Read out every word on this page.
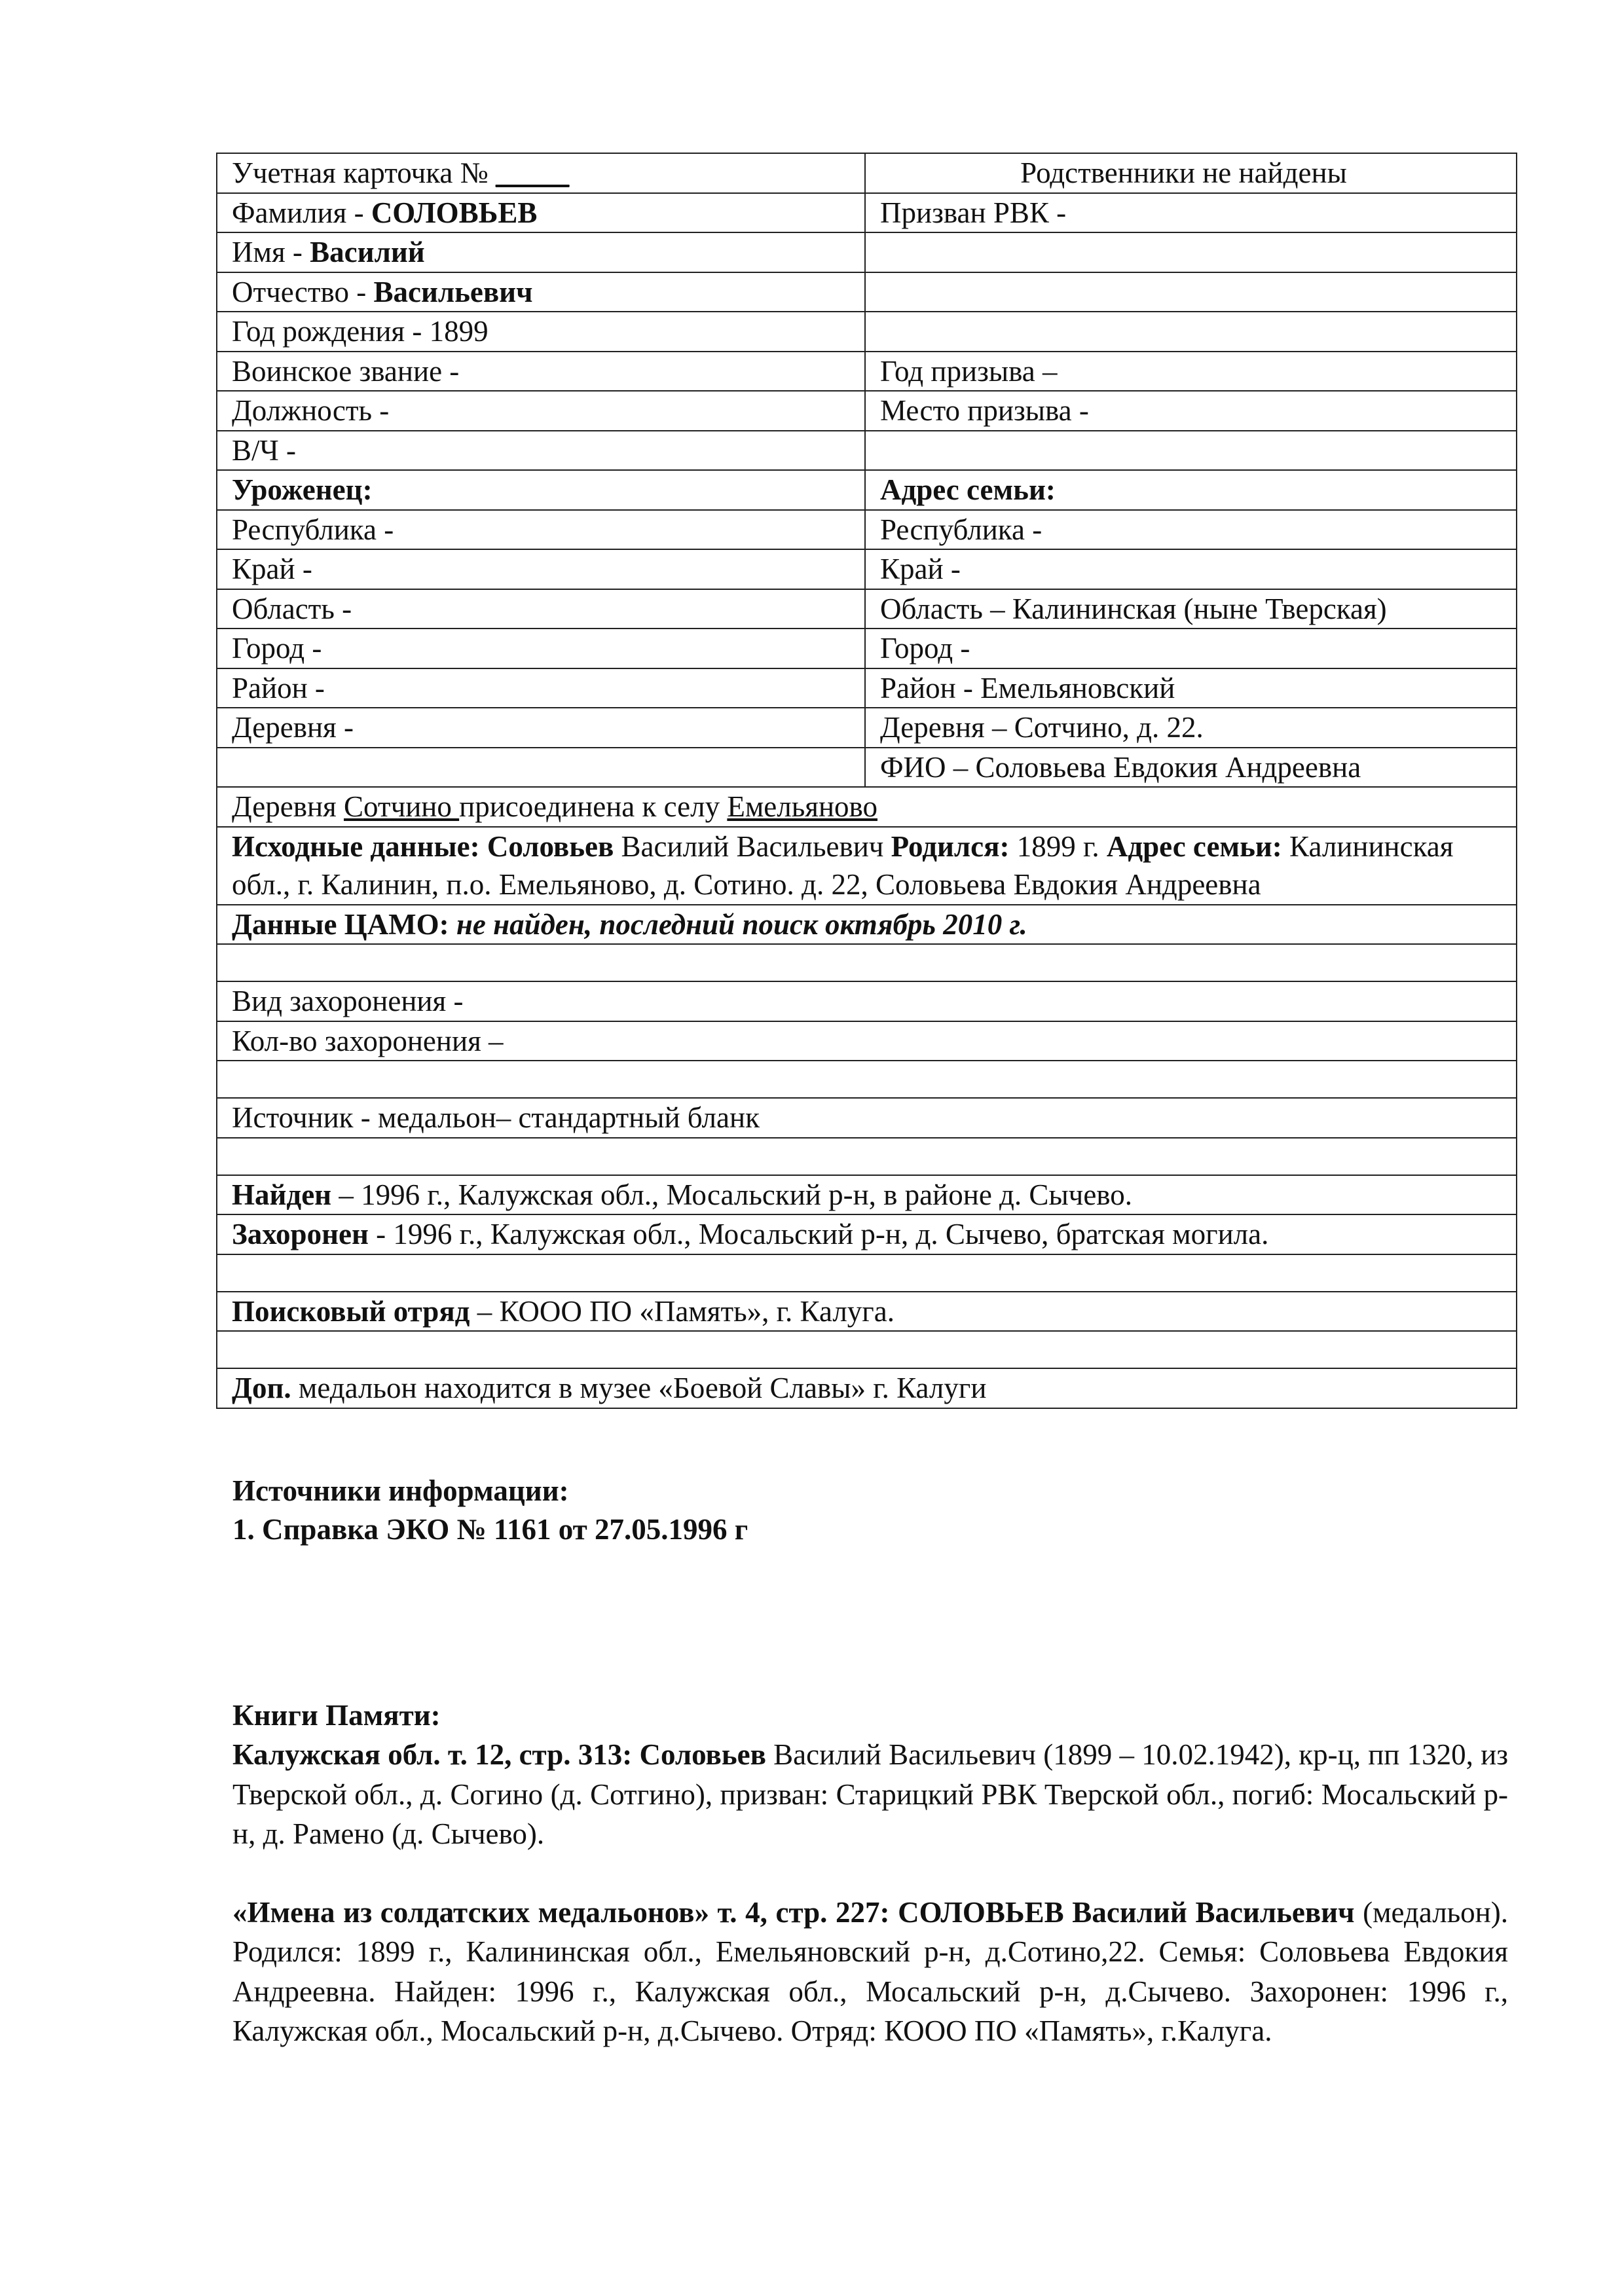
Учетная карточка № _____	Родственники не найдены
Фамилия - СОЛОВЬЕВ	Призван РВК -
Имя - Василий	
Отчество - Васильевич	
Год рождения - 1899	
Воинское звание -	Год призыва –
Должность -	Место призыва -
В/Ч -	
Уроженец:	Адрес семьи:
Республика -	Республика -
Край -	Край -
Область -	Область – Калининская (ныне Тверская)
Город -	Город -
Район -	Район - Емельяновский
Деревня -	Деревня – Сотчино, д. 22.
	ФИО – Соловьева Евдокия Андреевна
Деревня Сотчино присоединена к селу Емельяново	
Исходные данные: Соловьев Василий Васильевич Родился: 1899 г. Адрес семьи: Калининская обл., г. Калинин, п.о. Емельяново, д. Сотино. д. 22, Соловьева Евдокия Андреевна	
Данные ЦАМО: не найден, последний поиск октябрь 2010 г.	

Вид захоронения -	
Кол-во захоронения –	

Источник - медальон– стандартный бланк	

Найден – 1996 г., Калужская обл., Мосальский р-н, в районе д. Сычево.	
Захоронен - 1996 г., Калужская обл., Мосальский р-н, д. Сычево, братская могила.	

Поисковый отряд – КООО ПО «Память», г. Калуга.	

Доп. медальон находится в музее «Боевой Славы» г. Калуги	
Источники информации:
1. Справка ЭКО № 1161 от 27.05.1996 г

Книги Памяти:

Калужская обл. т. 12, стр. 313: Соловьев Василий Васильевич (1899 – 10.02.1942), кр-ц, пп 1320, из Тверской обл., д. Согино (д. Сотгино), призван: Старицкий РВК Тверской обл., погиб: Мосальский р-н, д. Рамено (д. Сычево).

«Имена из солдатских медальонов» т. 4, стр. 227: СОЛОВЬЕВ Василий Васильевич (медальон). Родился: 1899 г., Калининская обл., Емельяновский р-н, д.Сотино,22. Семья: Соловьева Евдокия Андреевна. Найден: 1996 г., Калужская обл., Мосальский р-н, д.Сычево. Захоронен: 1996 г., Калужская обл., Мосальский р-н, д.Сычево. Отряд: КООО ПО «Память», г.Калуга.
